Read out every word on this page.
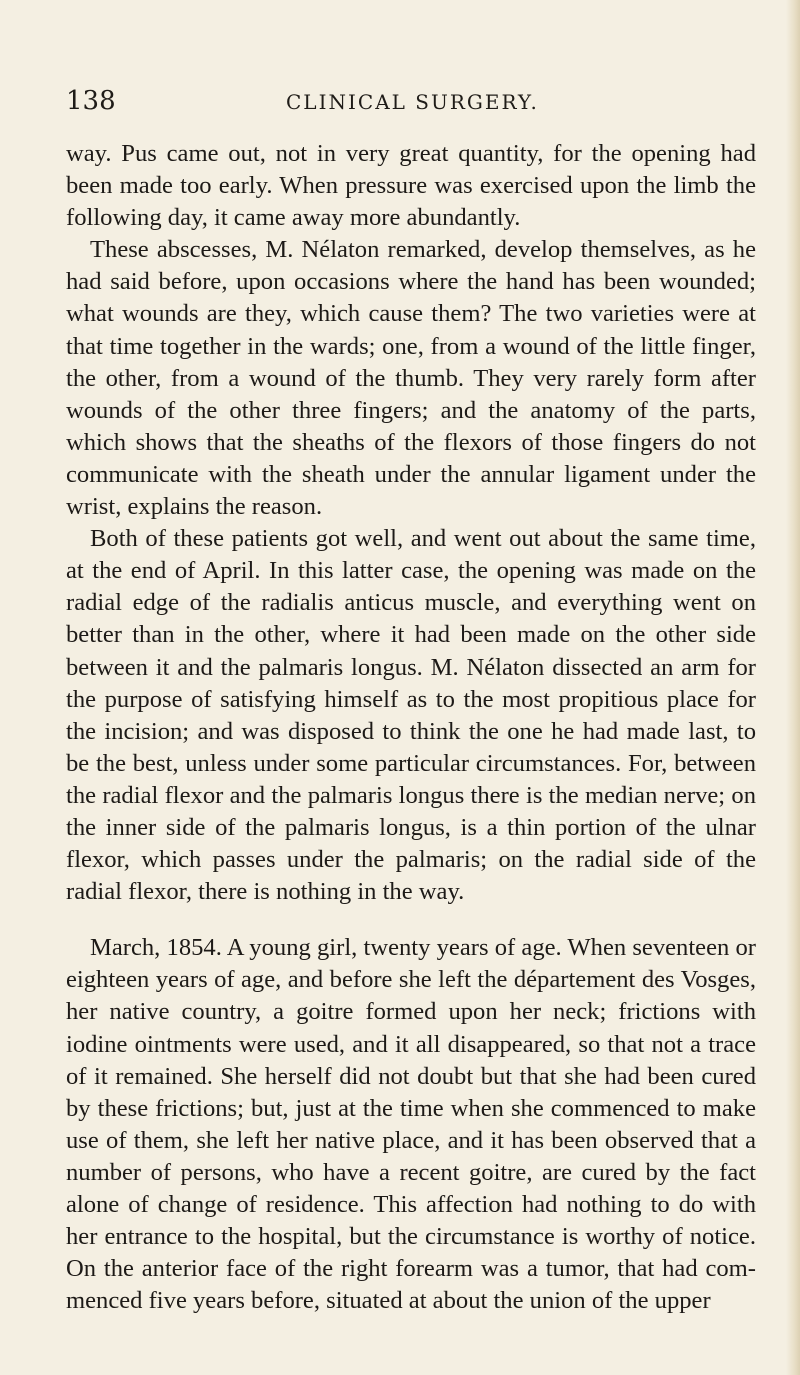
138	CLINICAL SURGERY.

way. Pus came out, not in very great quantity, for the opening had been made too early. When pressure was exercised upon the limb the following day, it came away more abundantly.

These abscesses, M. Nélaton remarked, develop themselves, as he had said before, upon occasions where the hand has been wounded; what wounds are they, which cause them? The two varieties were at that time together in the wards; one, from a wound of the little finger, the other, from a wound of the thumb. They very rarely form after wounds of the other three fingers; and the anatomy of the parts, which shows that the sheaths of the flexors of those fingers do not communicate with the sheath under the annular ligament under the wrist, explains the reason.

Both of these patients got well, and went out about the same time, at the end of April. In this latter case, the opening was made on the radial edge of the radialis anticus muscle, and everything went on better than in the other, where it had been made on the other side between it and the palmaris longus. M. Nélaton dissected an arm for the purpose of satisfying himself as to the most propitious place for the incision; and was disposed to think the one he had made last, to be the best, unless under some particular circumstances. For, between the radial flexor and the palmaris longus there is the median nerve; on the inner side of the palmaris longus, is a thin portion of the ulnar flexor, which passes under the palmaris; on the radial side of the radial flexor, there is nothing in the way.

March, 1854. A young girl, twenty years of age. When seventeen or eighteen years of age, and before she left the département des Vosges, her native country, a goitre formed upon her neck; frictions with iodine ointments were used, and it all disappeared, so that not a trace of it remained. She herself did not doubt but that she had been cured by these frictions; but, just at the time when she commenced to make use of them, she left her native place, and it has been observed that a number of persons, who have a recent goitre, are cured by the fact alone of change of residence. This affection had nothing to do with her entrance to the hospital, but the circumstance is worthy of notice. On the anterior face of the right forearm was a tumor, that had commenced five years before, situated at about the union of the upper
